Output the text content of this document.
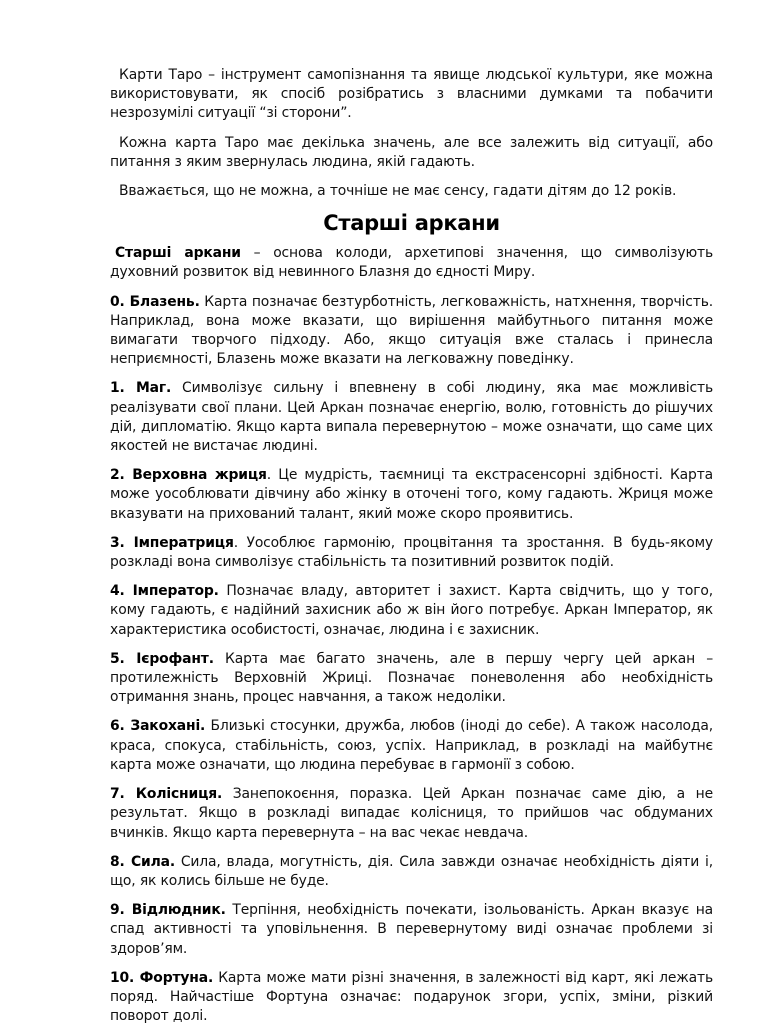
Карти Таро – інструмент самопізнання та явище людської культури, яке можна використовувати, як спосіб розібратись з власними думками та побачити незрозумілі ситуації “зі сторони”.

Кожна карта Таро має декілька значень, але все залежить від ситуації, або питання з яким звернулась людина, якій гадають.

Вважається, що не можна, а точніше не має сенсу, гадати дітям до 12 років.

Старші аркани

Старші аркани – основа колоди, архетипові значення, що символізують духовний розвиток від невинного Блазня до єдності Миру.

0. Блазень. Карта позначає безтурботність, легковажність, натхнення, творчість. Наприклад, вона може вказати, що вирішення майбутнього питання може вимагати творчого підходу. Або, якщо ситуація вже сталась і принесла неприємності, Блазень може вказати на легковажну поведінку.

1. Маг. Символізує сильну і впевнену в собі людину, яка має можливість реалізувати свої плани. Цей Аркан позначає енергію, волю, готовність до рішучих дій, дипломатію. Якщо карта випала перевернутою – може означати, що саме цих якостей не вистачає людині.

2. Верховна жриця. Це мудрість, таємниці та екстрасенсорні здібності. Карта може уособлювати дівчину або жінку в оточені того, кому гадають. Жриця може вказувати на прихований талант, який може скоро проявитись.

3. Імператриця. Уособлює гармонію, процвітання та зростання. В будь-якому розкладі вона символізує стабільність та позитивний розвиток подій.

4. Імператор. Позначає владу, авторитет і захист. Карта свідчить, що у того, кому гадають, є надійний захисник або ж він його потребує. Аркан Імператор, як характеристика особистості, означає, людина і є захисник.

5. Ієрофант. Карта має багато значень, але в першу чергу цей аркан – протилежність Верховній Жриці. Позначає поневолення або необхідність отримання знань, процес навчання, а також недоліки.

6. Закохані. Близькі стосунки, дружба, любов (іноді до себе). А також насолода, краса, спокуса, стабільність, союз, успіх. Наприклад, в розкладі на майбутнє карта може означати, що людина перебуває в гармонії з собою.

7. Колісниця. Занепокоєння, поразка. Цей Аркан позначає саме дію, а не результат. Якщо в розкладі випадає колісниця, то прийшов час обдуманих вчинків. Якщо карта перевернута – на вас чекає невдача.

8. Сила. Сила, влада, могутність, дія. Сила завжди означає необхідність діяти і, що, як колись більше не буде.

9. Відлюдник. Терпіння, необхідність почекати, ізольованість. Аркан вказує на спад активності та уповільнення. В перевернутому виді означає проблеми зі здоров’ям.

10. Фортуна. Карта може мати різні значення, в залежності від карт, які лежать поряд. Найчастіше Фортуна означає: подарунок згори, успіх, зміни, різкий поворот долі.
